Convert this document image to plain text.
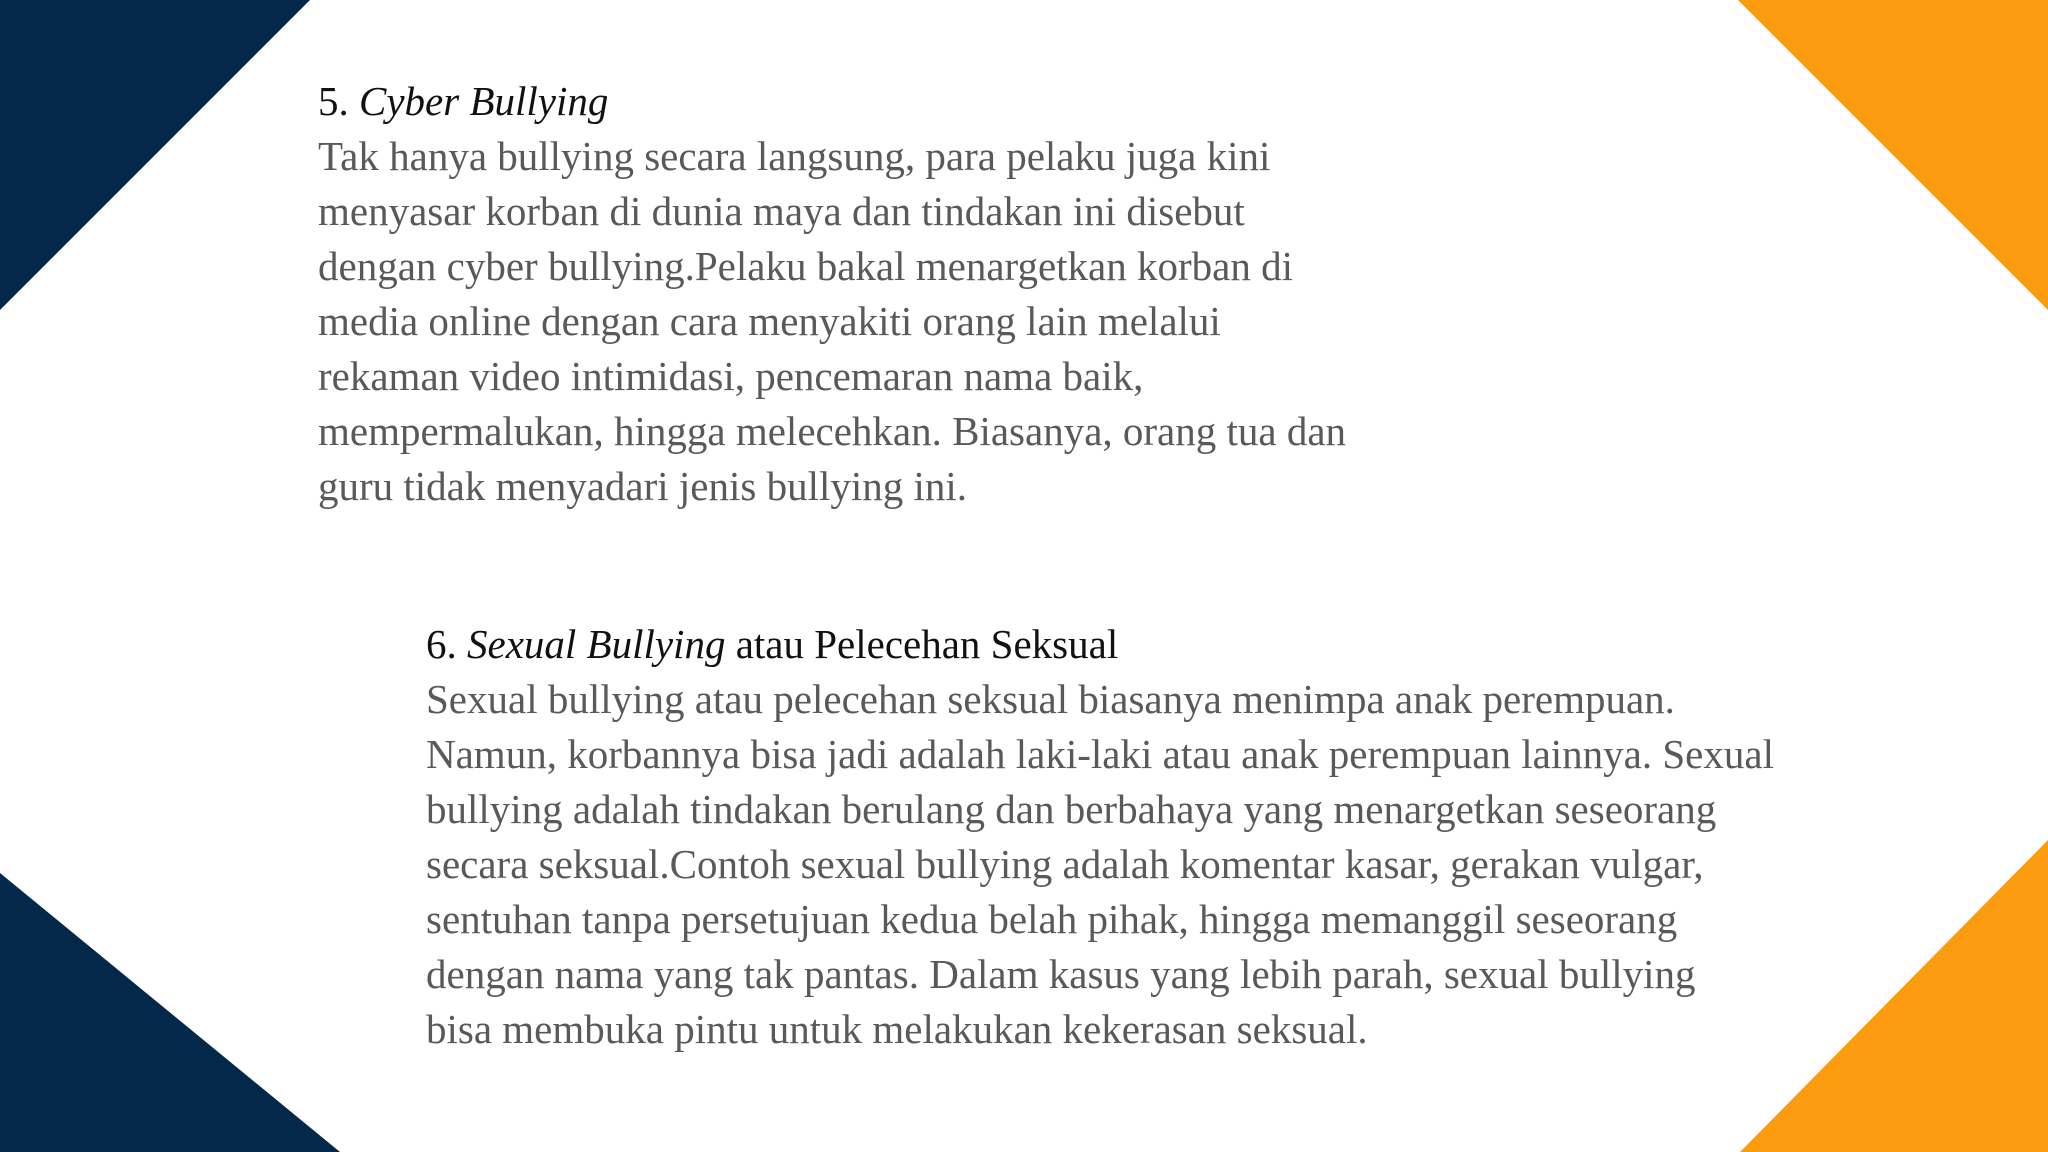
5. Cyber Bullying
Tak hanya bullying secara langsung, para pelaku juga kini
menyasar korban di dunia maya dan tindakan ini disebut
dengan cyber bullying.Pelaku bakal menargetkan korban di
media online dengan cara menyakiti orang lain melalui
rekaman video intimidasi, pencemaran nama baik,
mempermalukan, hingga melecehkan. Biasanya, orang tua dan
guru tidak menyadari jenis bullying ini.
6. Sexual Bullying atau Pelecehan Seksual
Sexual bullying atau pelecehan seksual biasanya menimpa anak perempuan.
Namun, korbannya bisa jadi adalah laki-laki atau anak perempuan lainnya. Sexual
bullying adalah tindakan berulang dan berbahaya yang menargetkan seseorang
secara seksual.Contoh sexual bullying adalah komentar kasar, gerakan vulgar,
sentuhan tanpa persetujuan kedua belah pihak, hingga memanggil seseorang
dengan nama yang tak pantas. Dalam kasus yang lebih parah, sexual bullying
bisa membuka pintu untuk melakukan kekerasan seksual.
